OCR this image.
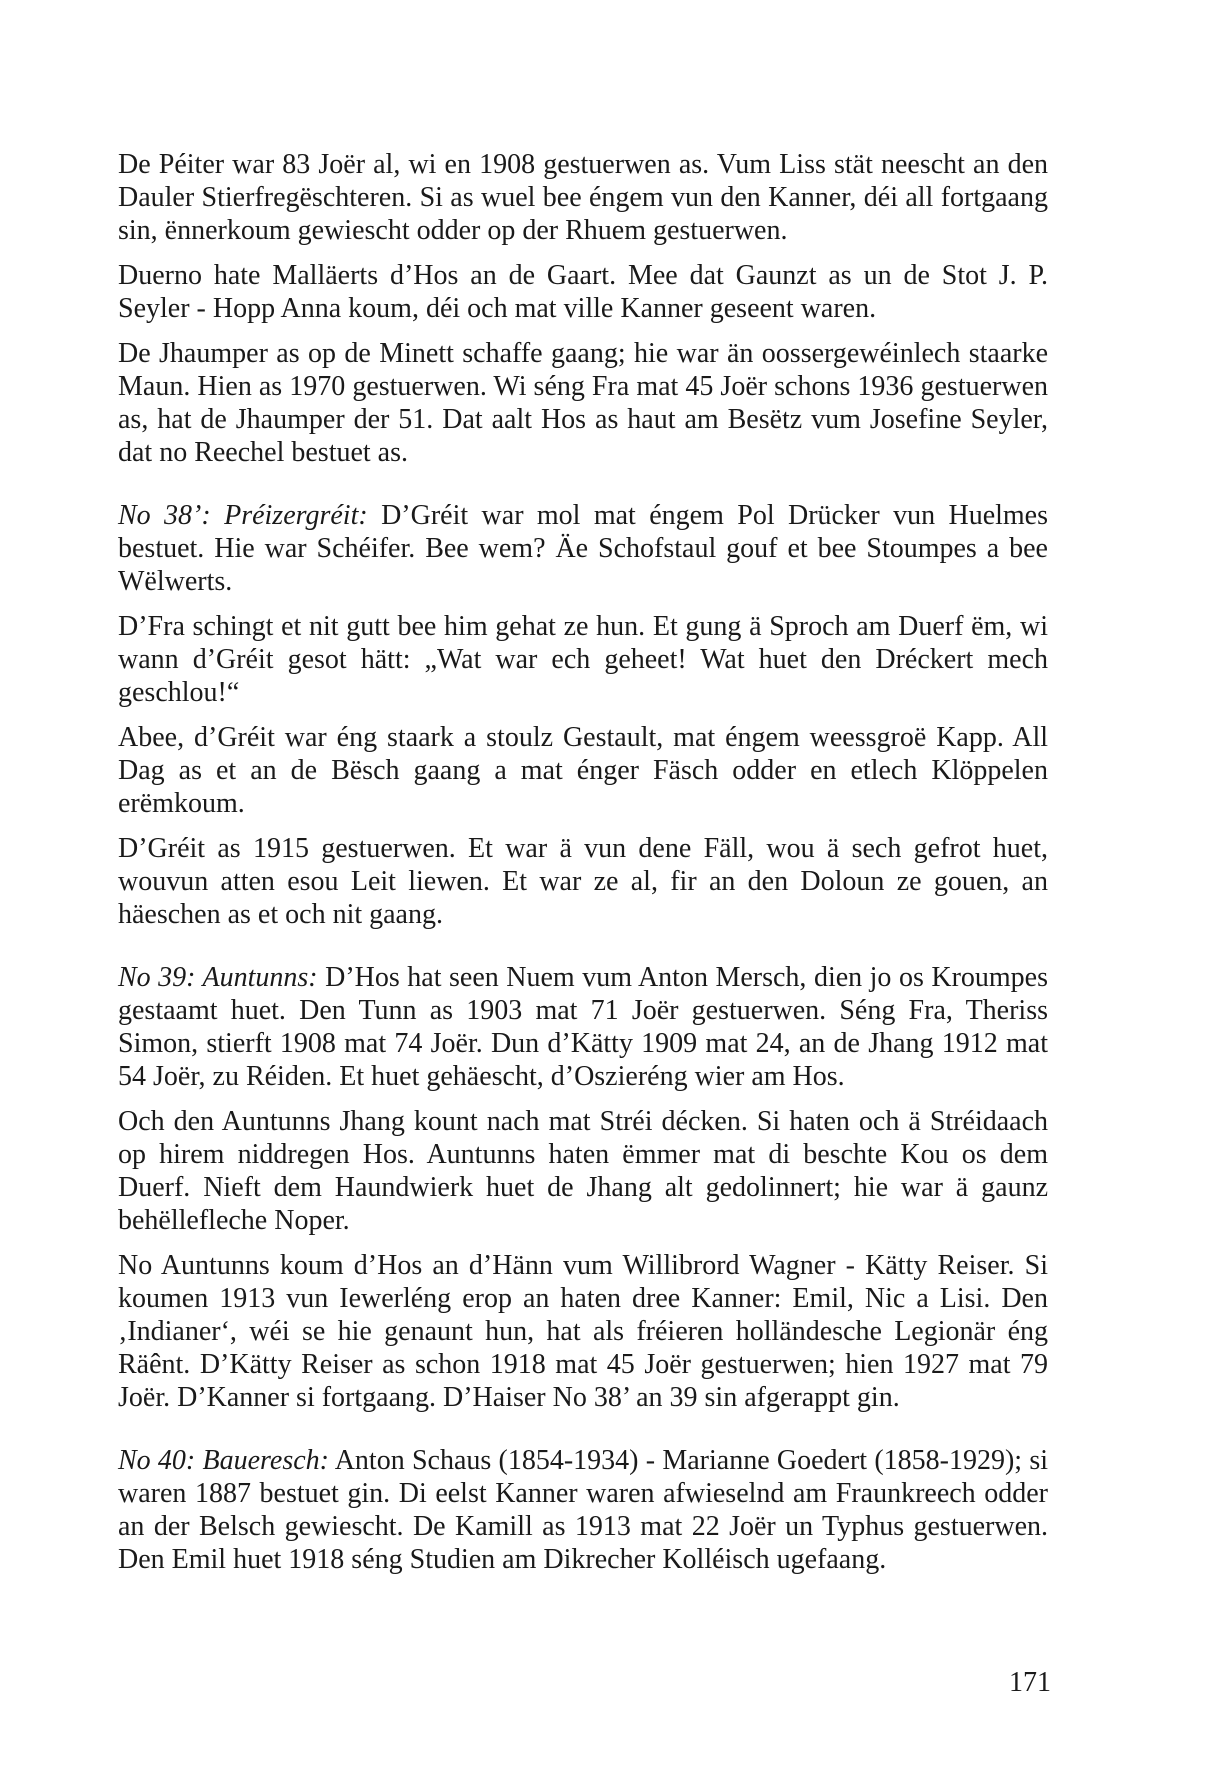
De Péiter war 83 Joër al, wi en 1908 gestuerwen as. Vum Liss stät neescht an den Dauler Stierfregëschteren. Si as wuel bee éngem vun den Kanner, déi all fortgaang sin, ënnerkoum gewiescht odder op der Rhuem gestuerwen.

Duerno hate Malläerts d’Hos an de Gaart. Mee dat Gaunzt as un de Stot J. P. Seyler - Hopp Anna koum, déi och mat ville Kanner geseent waren.

De Jhaumper as op de Minett schaffe gaang; hie war än oossergewéinlech staarke Maun. Hien as 1970 gestuerwen. Wi séng Fra mat 45 Joër schons 1936 gestuerwen as, hat de Jhaumper der 51. Dat aalt Hos as haut am Besëtz vum Josefine Seyler, dat no Reechel bestuet as.

No 38’: Préizergréit: D’Gréit war mol mat éngem Pol Drücker vun Huelmes bestuet. Hie war Schéifer. Bee wem? Äe Schofstaul gouf et bee Stoumpes a bee Wëlwerts.

D’Fra schingt et nit gutt bee him gehat ze hun. Et gung ä Sproch am Duerf ëm, wi wann d’Gréit gesot hätt: „Wat war ech geheet! Wat huet den Dréckert mech geschlou!“

Abee, d’Gréit war éng staark a stoulz Gestault, mat éngem weessgroë Kapp. All Dag as et an de Bësch gaang a mat énger Fäsch odder en etlech Klöppelen erëmkoum.

D’Gréit as 1915 gestuerwen. Et war ä vun dene Fäll, wou ä sech gefrot huet, wouvun atten esou Leit liewen. Et war ze al, fir an den Doloun ze gouen, an häeschen as et och nit gaang.

No 39: Auntunns: D’Hos hat seen Nuem vum Anton Mersch, dien jo os Kroumpes gestaamt huet. Den Tunn as 1903 mat 71 Joër gestuerwen. Séng Fra, Theriss Simon, stierft 1908 mat 74 Joër. Dun d’Kätty 1909 mat 24, an de Jhang 1912 mat 54 Joër, zu Réiden. Et huet gehäescht, d’Oszieréng wier am Hos.

Och den Auntunns Jhang kount nach mat Stréi décken. Si haten och ä Stréidaach op hirem niddregen Hos. Auntunns haten ëmmer mat di beschte Kou os dem Duerf. Nieft dem Haundwierk huet de Jhang alt gedolinnert; hie war ä gaunz behëllefleche Noper.

No Auntunns koum d’Hos an d’Hänn vum Willibrord Wagner - Kätty Reiser. Si koumen 1913 vun Iewerléng erop an haten dree Kanner: Emil, Nic a Lisi. Den ‚Indianer‘, wéi se hie genaunt hun, hat als fréieren holländesche Legionär éng Räênt. D’Kätty Reiser as schon 1918 mat 45 Joër gestuerwen; hien 1927 mat 79 Joër. D’Kanner si fortgaang. D’Haiser No 38’ an 39 sin afgerappt gin.

No 40: Baueresch: Anton Schaus (1854-1934) - Marianne Goedert (1858-1929); si waren 1887 bestuet gin. Di eelst Kanner waren afwieselnd am Fraunkreech odder an der Belsch gewiescht. De Kamill as 1913 mat 22 Joër un Typhus gestuerwen. Den Emil huet 1918 séng Studien am Dikrecher Kolléisch ugefaang.

171
